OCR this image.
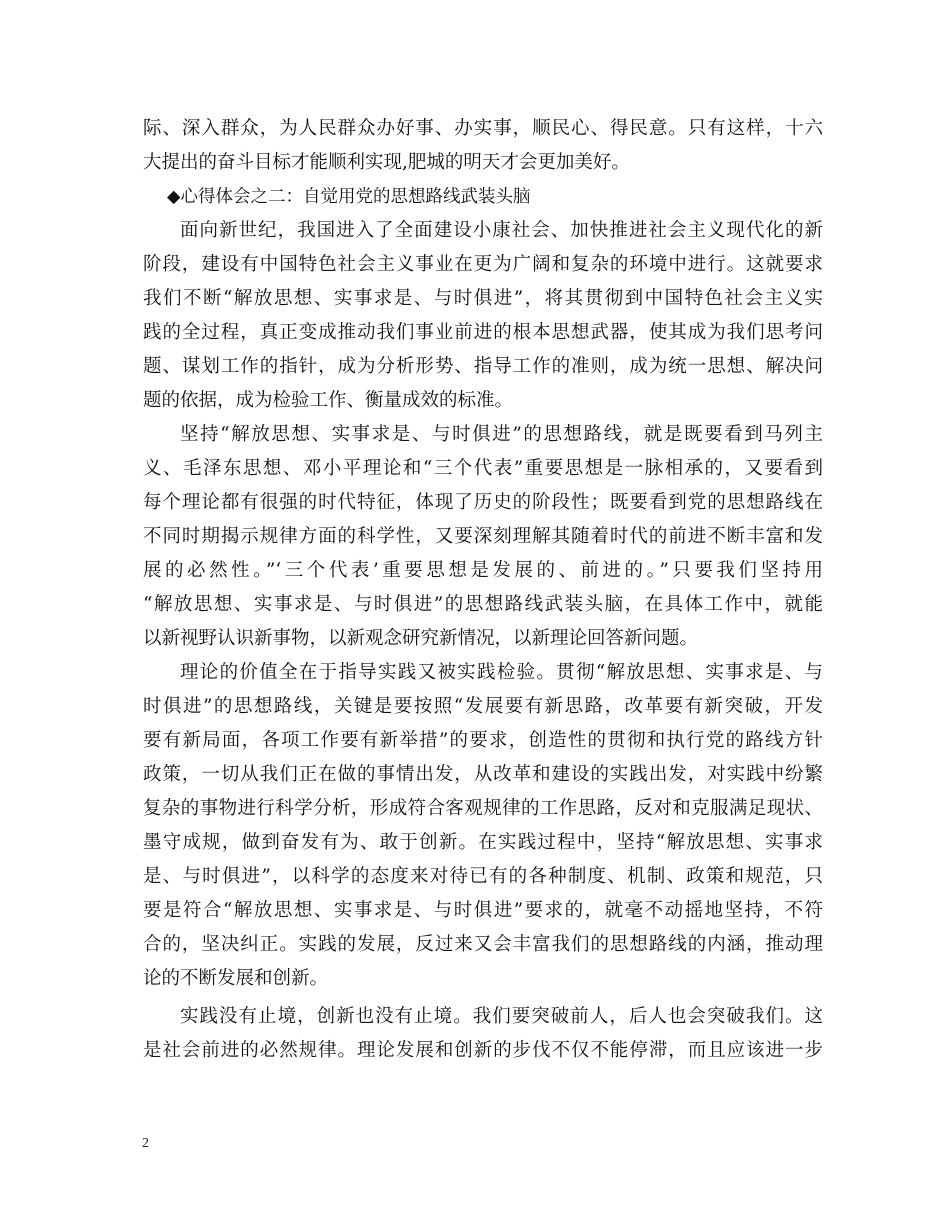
际、深入群众，为人民群众办好事、办实事，顺民心、得民意。只有这样，十六
大提出的奋斗目标才能顺利实现,肥城的明天才会更加美好。
◆心得体会之二：自觉用党的思想路线武装头脑
面向新世纪，我国进入了全面建设小康社会、加快推进社会主义现代化的新
阶段，建设有中国特色社会主义事业在更为广阔和复杂的环境中进行。这就要求
我们不断“解放思想、实事求是、与时俱进”，将其贯彻到中国特色社会主义实
践的全过程，真正变成推动我们事业前进的根本思想武器，使其成为我们思考问
题、谋划工作的指针，成为分析形势、指导工作的准则，成为统一思想、解决问
题的依据，成为检验工作、衡量成效的标准。
坚持“解放思想、实事求是、与时俱进”的思想路线，就是既要看到马列主
义、毛泽东思想、邓小平理论和“三个代表”重要思想是一脉相承的，又要看到
每个理论都有很强的时代特征，体现了历史的阶段性；既要看到党的思想路线在
不同时期揭示规律方面的科学性，又要深刻理解其随着时代的前进不断丰富和发
展的必然性。”‘三个代表’重要思想是发展的、前进的。”只要我们坚持用
“解放思想、实事求是、与时俱进”的思想路线武装头脑，在具体工作中，就能
以新视野认识新事物，以新观念研究新情况，以新理论回答新问题。
理论的价值全在于指导实践又被实践检验。贯彻“解放思想、实事求是、与
时俱进”的思想路线，关键是要按照“发展要有新思路，改革要有新突破，开发
要有新局面，各项工作要有新举措”的要求，创造性的贯彻和执行党的路线方针
政策，一切从我们正在做的事情出发，从改革和建设的实践出发，对实践中纷繁
复杂的事物进行科学分析，形成符合客观规律的工作思路，反对和克服满足现状、
墨守成规，做到奋发有为、敢于创新。在实践过程中，坚持“解放思想、实事求
是、与时俱进”，以科学的态度来对待已有的各种制度、机制、政策和规范，只
要是符合“解放思想、实事求是、与时俱进”要求的，就毫不动摇地坚持，不符
合的，坚决纠正。实践的发展，反过来又会丰富我们的思想路线的内涵，推动理
论的不断发展和创新。
实践没有止境，创新也没有止境。我们要突破前人，后人也会突破我们。这
是社会前进的必然规律。理论发展和创新的步伐不仅不能停滞，而且应该进一步
2
